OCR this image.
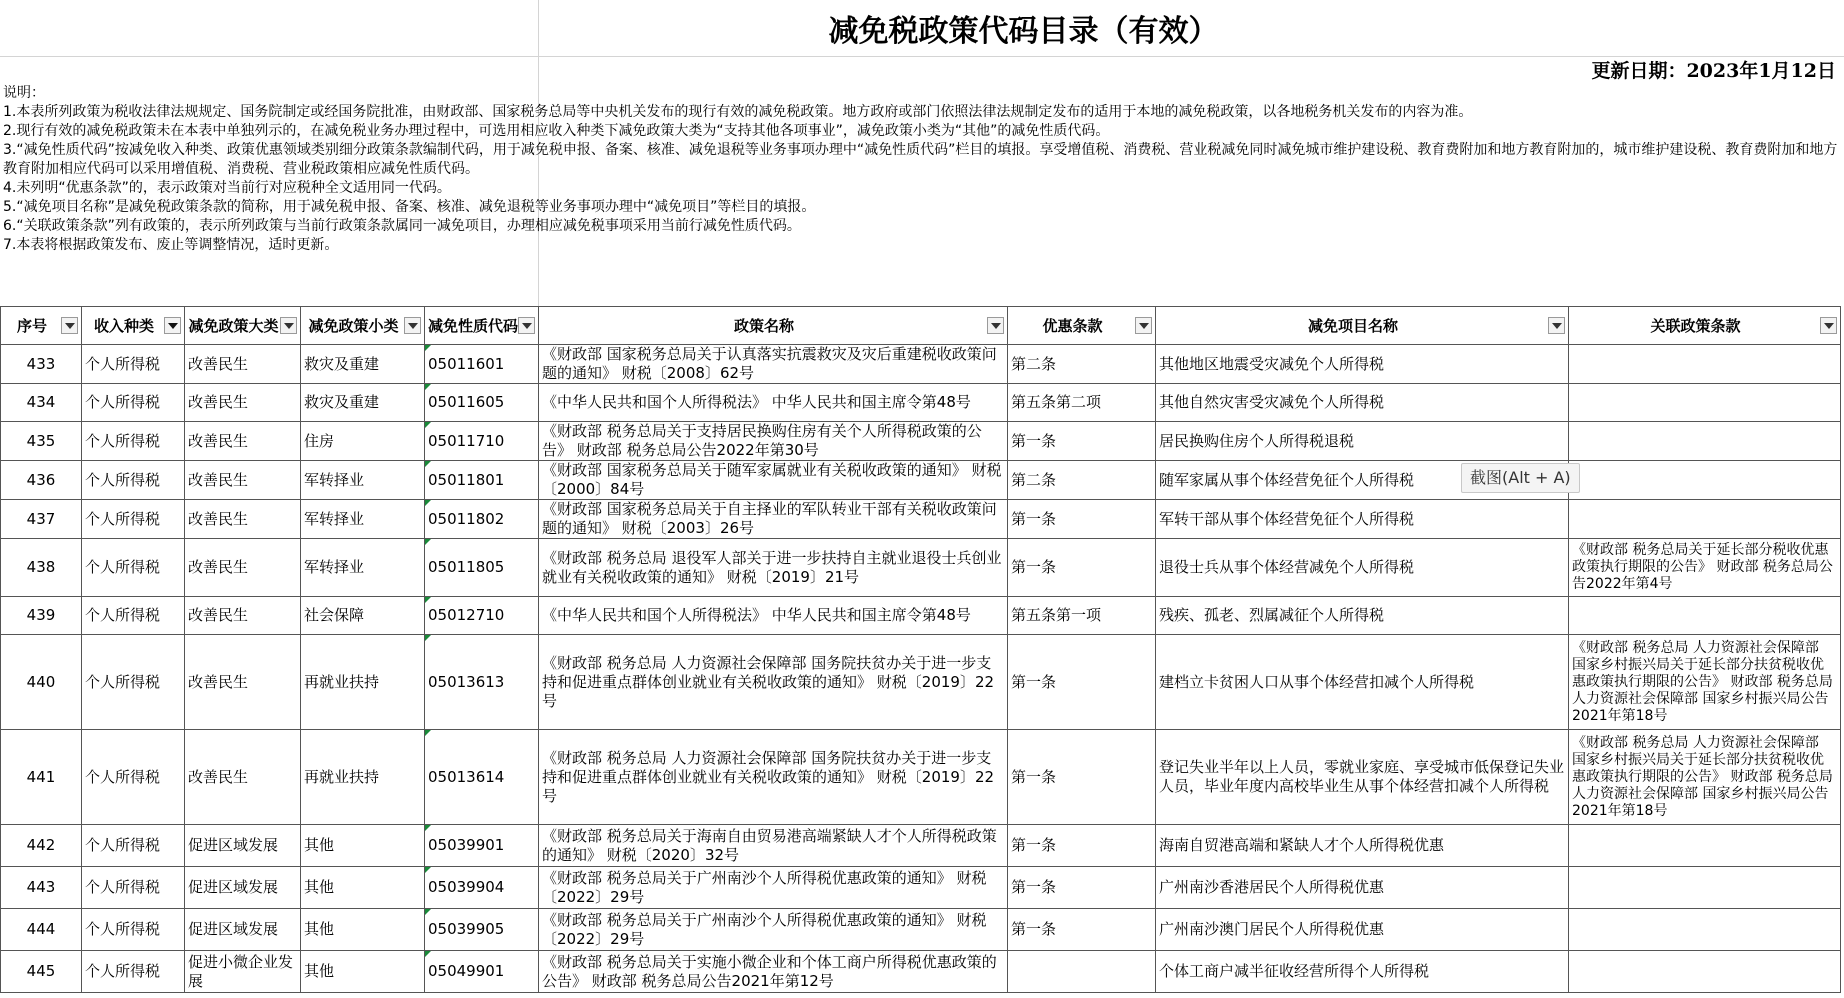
减免税政策代码目录（有效）
更新日期：2023年1月12日
说明：
1.本表所列政策为税收法律法规规定、国务院制定或经国务院批准，由财政部、国家税务总局等中央机关发布的现行有效的减免税政策。地方政府或部门依照法律法规制定发布的适用于本地的减免税政策，以各地税务机关发布的内容为准。
2.现行有效的减免税政策未在本表中单独列示的，在减免税业务办理过程中，可选用相应收入种类下减免政策大类为“支持其他各项事业”，减免政策小类为“其他”的减免性质代码。
3.“减免性质代码”按减免收入种类、政策优惠领域类别细分政策条款编制代码，用于减免税申报、备案、核准、减免退税等业务事项办理中“减免性质代码”栏目的填报。享受增值税、消费税、营业税减免同时减免城市维护建设税、教育费附加和地方教育附加的，城市维护建设税、教育费附加和地方教育附加相应代码可以采用增值税、消费税、营业税政策相应减免性质代码。
4.未列明“优惠条款”的，表示政策对当前行对应税种全文适用同一代码。
5.“减免项目名称”是减免税政策条款的简称，用于减免税申报、备案、核准、减免退税等业务事项办理中“减免项目”等栏目的填报。
6.“关联政策条款”列有政策的，表示所列政策与当前行政策条款属同一减免项目，办理相应减免税事项采用当前行减免性质代码。
7.本表将根据政策发布、废止等调整情况，适时更新。
序号	收入种类	减免政策大类	减免政策小类	减免性质代码	政策名称	优惠条款	减免项目名称	关联政策条款

433	个人所得税	改善民生	救灾及重建	05011601	《财政部 国家税务总局关于认真落实抗震救灾及灾后重建税收政策问题的通知》 财税〔2008〕62号	第二条	其他地区地震受灾减免个人所得税	
434	个人所得税	改善民生	救灾及重建	05011605	《中华人民共和国个人所得税法》 中华人民共和国主席令第48号	第五条第二项	其他自然灾害受灾减免个人所得税	
435	个人所得税	改善民生	住房	05011710	《财政部 税务总局关于支持居民换购住房有关个人所得税政策的公告》 财政部 税务总局公告2022年第30号	第一条	居民换购住房个人所得税退税	
436	个人所得税	改善民生	军转择业	05011801	《财政部 国家税务总局关于随军家属就业有关税收政策的通知》 财税〔2000〕84号	第二条	随军家属从事个体经营免征个人所得税	
437	个人所得税	改善民生	军转择业	05011802	《财政部 国家税务总局关于自主择业的军队转业干部有关税收政策问题的通知》 财税〔2003〕26号	第一条	军转干部从事个体经营免征个人所得税	
438	个人所得税	改善民生	军转择业	05011805	《财政部 税务总局 退役军人部关于进一步扶持自主就业退役士兵创业就业有关税收政策的通知》 财税〔2019〕21号	第一条	退役士兵从事个体经营减免个人所得税	《财政部 税务总局关于延长部分税收优惠政策执行期限的公告》 财政部 税务总局公告2022年第4号
439	个人所得税	改善民生	社会保障	05012710	《中华人民共和国个人所得税法》 中华人民共和国主席令第48号	第五条第一项	残疾、孤老、烈属减征个人所得税	
440	个人所得税	改善民生	再就业扶持	05013613	《财政部 税务总局 人力资源社会保障部 国务院扶贫办关于进一步支持和促进重点群体创业就业有关税收政策的通知》 财税〔2019〕22号	第一条	建档立卡贫困人口从事个体经营扣减个人所得税	《财政部 税务总局 人力资源社会保障部 国家乡村振兴局关于延长部分扶贫税收优惠政策执行期限的公告》 财政部 税务总局 人力资源社会保障部 国家乡村振兴局公告2021年第18号
441	个人所得税	改善民生	再就业扶持	05013614	《财政部 税务总局 人力资源社会保障部 国务院扶贫办关于进一步支持和促进重点群体创业就业有关税收政策的通知》 财税〔2019〕22号	第一条	登记失业半年以上人员，零就业家庭、享受城市低保登记失业人员，毕业年度内高校毕业生从事个体经营扣减个人所得税	《财政部 税务总局 人力资源社会保障部 国家乡村振兴局关于延长部分扶贫税收优惠政策执行期限的公告》 财政部 税务总局 人力资源社会保障部 国家乡村振兴局公告2021年第18号
442	个人所得税	促进区域发展	其他	05039901	《财政部 税务总局关于海南自由贸易港高端紧缺人才个人所得税政策的通知》 财税〔2020〕32号	第一条	海南自贸港高端和紧缺人才个人所得税优惠	
443	个人所得税	促进区域发展	其他	05039904	《财政部 税务总局关于广州南沙个人所得税优惠政策的通知》 财税〔2022〕29号	第一条	广州南沙香港居民个人所得税优惠	
444	个人所得税	促进区域发展	其他	05039905	《财政部 税务总局关于广州南沙个人所得税优惠政策的通知》 财税〔2022〕29号	第一条	广州南沙澳门居民个人所得税优惠	
445	个人所得税	促进小微企业发展	其他	05049901	《财政部 税务总局关于实施小微企业和个体工商户所得税优惠政策的公告》 财政部 税务总局公告2021年第12号		个体工商户减半征收经营所得个人所得税	
截图(Alt + A)
